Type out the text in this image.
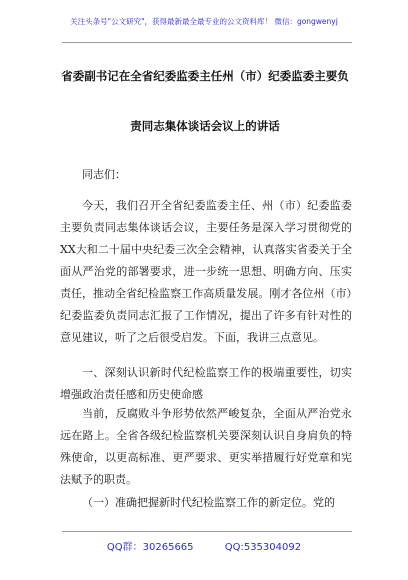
关注头条号"公文研究"，获得最新最全最专业的公文资料库！ 微信：gongwenyj
省委副书记在全省纪委监委主任州（市）纪委监委主要负
责同志集体谈话会议上的讲话
同志们：

今天，我们召开全省纪委监委主任、州（市）纪委监委主要负责同志集体谈话会议，主要任务是深入学习贯彻党的XX大和二十届中央纪委三次全会精神，认真落实省委关于全面从严治党的部署要求，进一步统一思想、明确方向、压实责任，推动全省纪检监察工作高质量发展。刚才各位州（市）纪委监委负责同志汇报了工作情况，提出了许多有针对性的意见建议，听了之后很受启发。下面，我讲三点意见。

一、深刻认识新时代纪检监察工作的极端重要性，切实增强政治责任感和历史使命感

当前，反腐败斗争形势依然严峻复杂，全面从严治党永远在路上。全省各级纪检监察机关要深刻认识自身肩负的特殊使命，以更高标准、更严要求、更实举措履行好党章和宪法赋予的职责。

（一）准确把握新时代纪检监察工作的新定位。党的

QQ群：30265665	QQ:535304092
